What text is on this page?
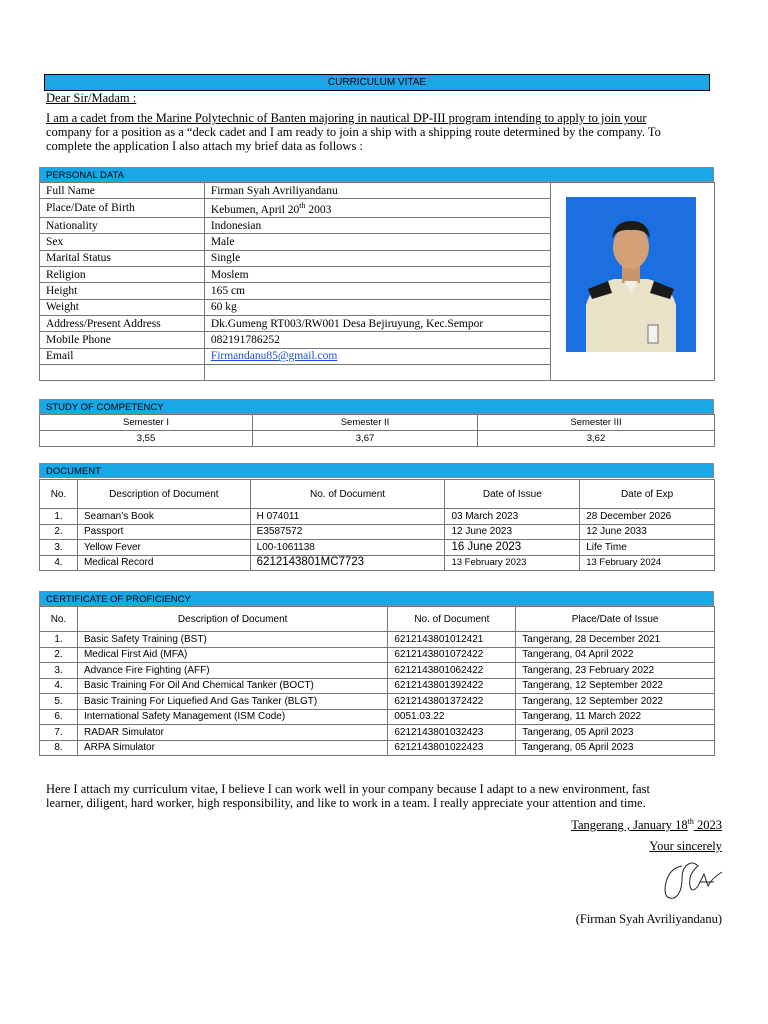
CURRICULUM VITAE
Dear Sir/Madam :
I am a cadet from the Marine Polytechnic of Banten majoring in nautical DP-III program intending to apply to join your
company for a position as a “deck cadet and I am ready to join a ship with a shipping route determined by the company. To
complete the application I also attach my brief data as follows :
PERSONAL DATA
Full Name	Firman Syah Avriliyandanu	
Place/Date of Birth	Kebumen, April 20th 2003	
Nationality	Indonesian	
Sex	Male	
Marital Status	Single	
Religion	Moslem	
Height	165 cm	
Weight	60 kg	
Address/Present Address	Dk.Gumeng RT003/RW001 Desa Bejiruyung, Kec.Sempor	
Mobile Phone	082191786252	
Email	Firmandanu85@gmail.com	

STUDY OF COMPETENCY
Semester I	Semester II	Semester III
3,55	3,67	3,62
DOCUMENT
No.	Description of Document	No. of Document	Date of Issue	Date of Exp
1.	Seaman’s Book	H 074011	03 March 2023	28 December 2026
2.	Passport	E3587572	12 June 2023	12 June 2033
3.	Yellow Fever	L00-1061138	16 June 2023	Life Time
4.	Medical Record	6212143801MC7723	13 February 2023	13 February 2024
CERTIFICATE OF PROFICIENCY
No.	Description of Document	No. of Document	Place/Date of Issue
1.	Basic Safety Training (BST)	6212143801012421	Tangerang, 28 December 2021
2.	Medical First Aid (MFA)	6212143801072422	Tangerang, 04 April 2022
3.	Advance Fire Fighting (AFF)	6212143801062422	Tangerang, 23 February 2022
4.	Basic Training For Oil And Chemical Tanker (BOCT)	6212143801392422	Tangerang, 12 September 2022
5.	Basic Training For Liquefied And Gas Tanker (BLGT)	6212143801372422	Tangerang, 12 September 2022
6.	International Safety Management (ISM Code)	0051.03.22	Tangerang, 11 March 2022
7.	RADAR Simulator	6212143801032423	Tangerang, 05 April 2023
8.	ARPA Simulator	6212143801022423	Tangerang, 05 April 2023
Here I attach my curriculum vitae, I believe I can work well in your company because I adapt to a new environment, fast
learner, diligent, hard worker, high responsibility, and like to work in a team. I really appreciate your attention and time.
Tangerang , January 18th 2023
Your sincerely
(Firman Syah Avriliyandanu)
